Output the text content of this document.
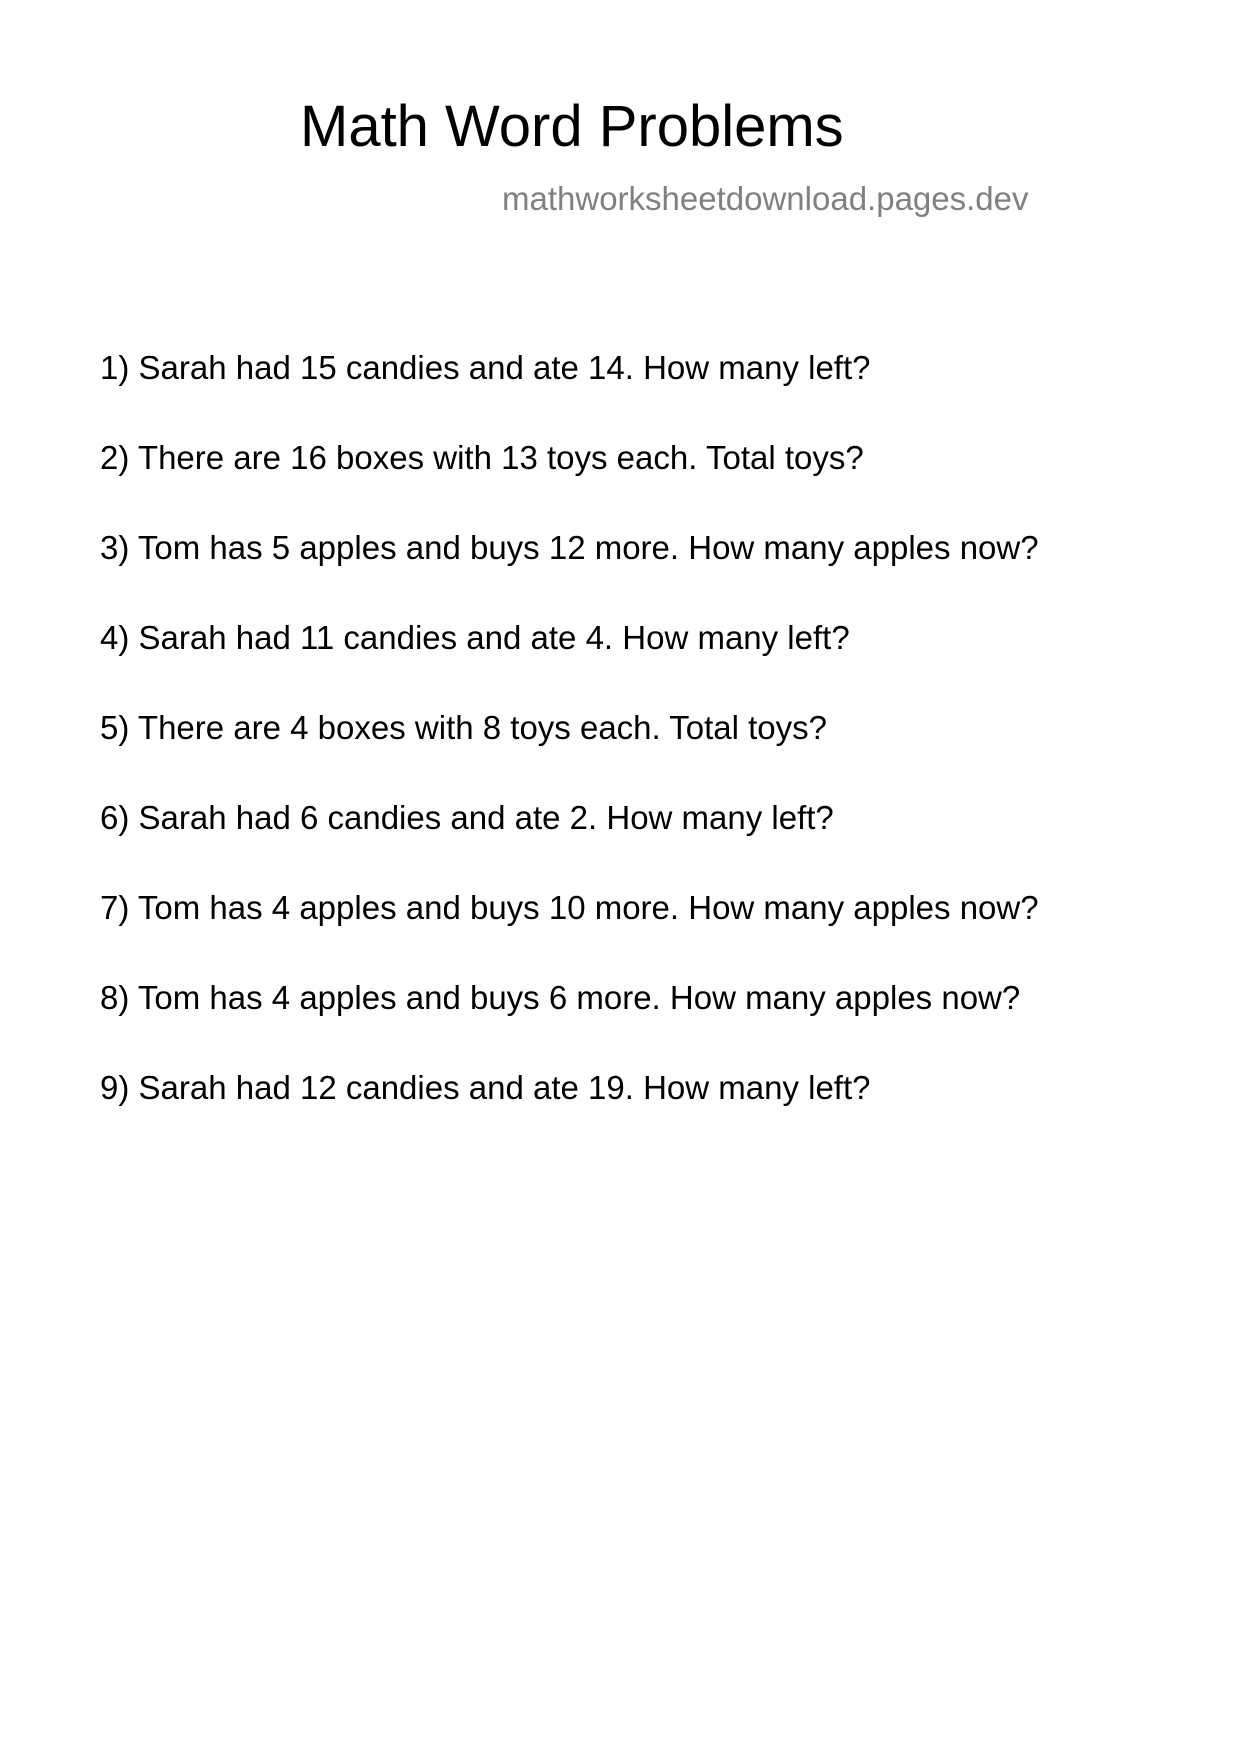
Math Word Problems
mathworksheetdownload.pages.dev
1) Sarah had 15 candies and ate 14. How many left?
2) There are 16 boxes with 13 toys each. Total toys?
3) Tom has 5 apples and buys 12 more. How many apples now?
4) Sarah had 11 candies and ate 4. How many left?
5) There are 4 boxes with 8 toys each. Total toys?
6) Sarah had 6 candies and ate 2. How many left?
7) Tom has 4 apples and buys 10 more. How many apples now?
8) Tom has 4 apples and buys 6 more. How many apples now?
9) Sarah had 12 candies and ate 19. How many left?
